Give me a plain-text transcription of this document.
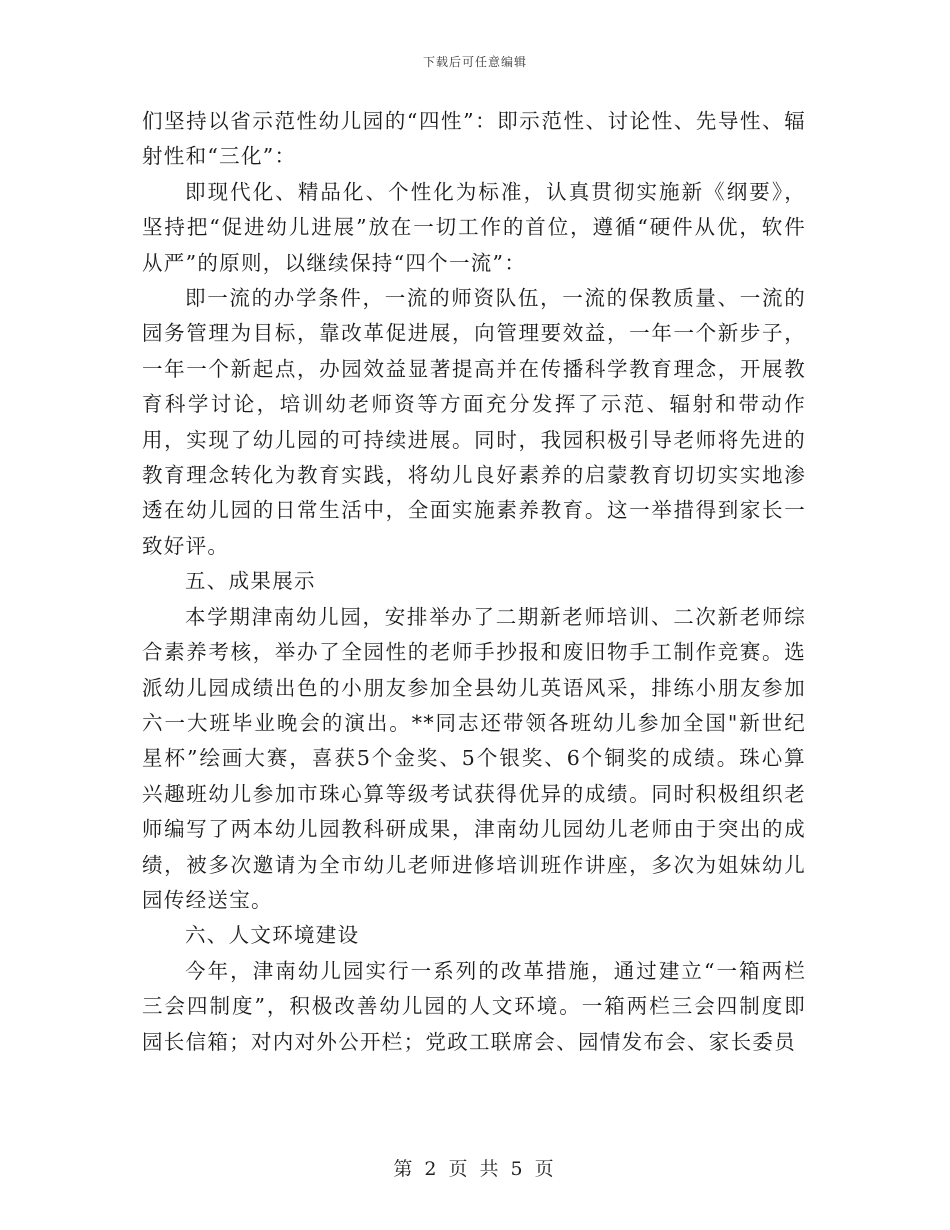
下载后可任意编辑

们坚持以省示范性幼儿园的“四性”：即示范性、讨论性、先导性、辐射性和“三化”：

即现代化、精品化、个性化为标准，认真贯彻实施新《纲要》，坚持把“促进幼儿进展”放在一切工作的首位，遵循“硬件从优，软件从严”的原则，以继续保持“四个一流”：

即一流的办学条件，一流的师资队伍，一流的保教质量、一流的园务管理为目标，靠改革促进展，向管理要效益，一年一个新步子，一年一个新起点，办园效益显著提高并在传播科学教育理念，开展教育科学讨论，培训幼老师资等方面充分发挥了示范、辐射和带动作用，实现了幼儿园的可持续进展。同时，我园积极引导老师将先进的教育理念转化为教育实践，将幼儿良好素养的启蒙教育切切实实地渗透在幼儿园的日常生活中，全面实施素养教育。这一举措得到家长一致好评。

五、成果展示

本学期津南幼儿园，安排举办了二期新老师培训、二次新老师综合素养考核，举办了全园性的老师手抄报和废旧物手工制作竞赛。选派幼儿园成绩出色的小朋友参加全县幼儿英语风采，排练小朋友参加六一大班毕业晚会的演出。**同志还带领各班幼儿参加全国"新世纪星杯”绘画大赛，喜获5个金奖、5个银奖、6个铜奖的成绩。珠心算兴趣班幼儿参加市珠心算等级考试获得优异的成绩。同时积极组织老师编写了两本幼儿园教科研成果，津南幼儿园幼儿老师由于突出的成绩，被多次邀请为全市幼儿老师进修培训班作讲座，多次为姐妹幼儿园传经送宝。

六、人文环境建设

今年，津南幼儿园实行一系列的改革措施，通过建立“一箱两栏三会四制度”，积极改善幼儿园的人文环境。一箱两栏三会四制度即园长信箱；对内对外公开栏；党政工联席会、园情发布会、家长委员

第 2 页 共 5 页
